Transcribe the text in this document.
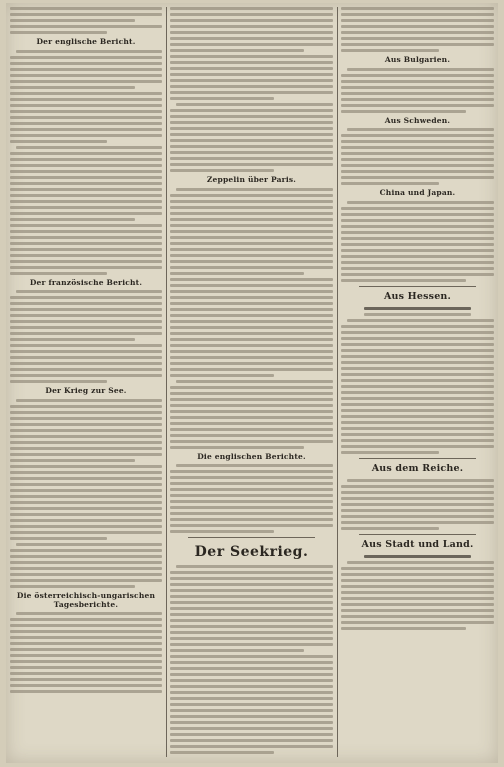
Der englische Bericht.
Der französische Bericht.
Der Krieg zur See.
Die österreichisch-ungarischen Tagesberichte.
Zeppelin über Paris.
Die englischen Berichte.
Der Seekrieg.
Aus Bulgarien.
Aus Schweden.
China und Japan.
Aus Hessen.
Aus dem Reiche.
Aus Stadt und Land.
